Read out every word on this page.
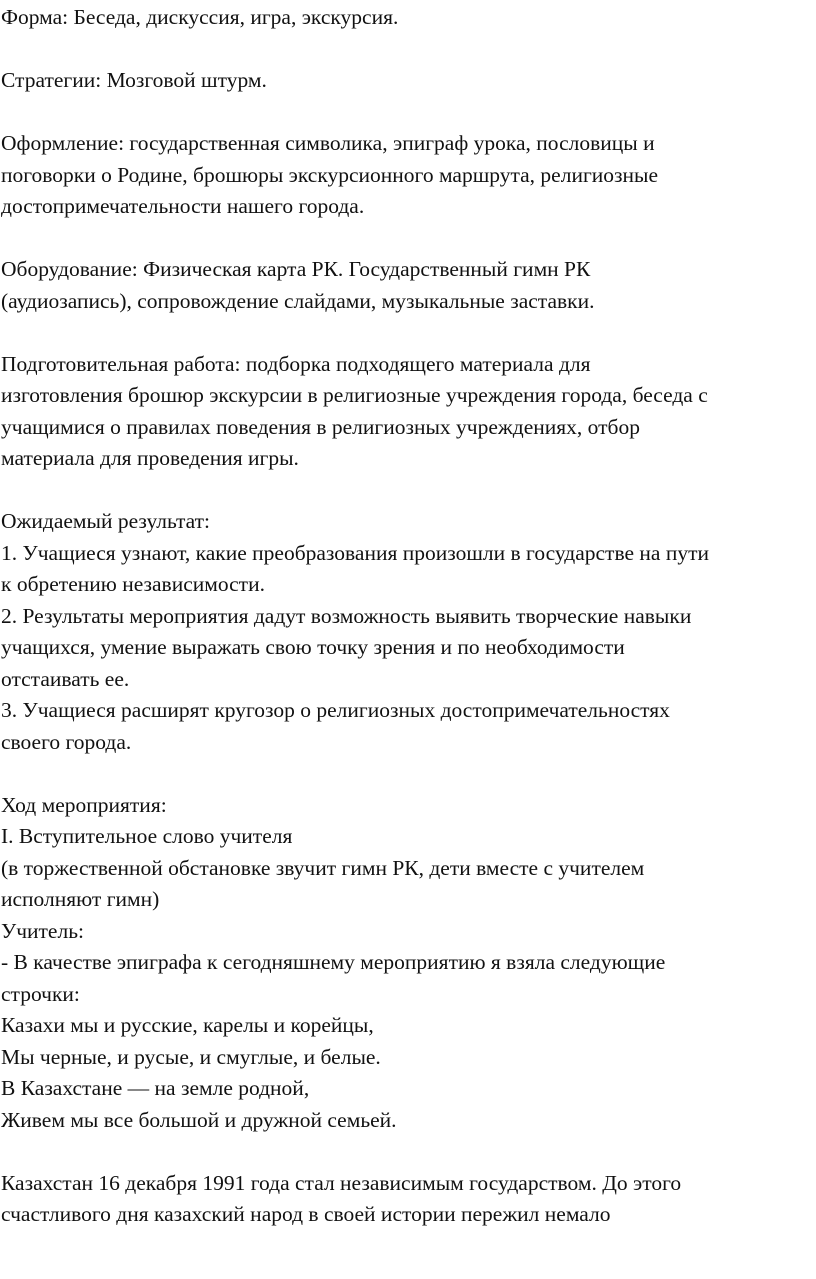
Форма: Беседа, дискуссия, игра, экскурсия.
Стратегии: Мозговой штурм.
Оформление: государственная символика, эпиграф урока, пословицы и
поговорки о Родине, брошюры экскурсионного маршрута, религиозные
достопримечательности нашего города.
Оборудование: Физическая карта РК. Государственный гимн РК
(аудиозапись), сопровождение слайдами, музыкальные заставки.
Подготовительная работа: подборка подходящего материала для
изготовления брошюр экскурсии в религиозные учреждения города, беседа с
учащимися о правилах поведения в религиозных учреждениях, отбор
материала для проведения игры.
Ожидаемый результат:
1. Учащиеся узнают, какие преобразования произошли в государстве на пути
к обретению независимости.
2. Результаты мероприятия дадут возможность выявить творческие навыки
учащихся, умение выражать свою точку зрения и по необходимости
отстаивать ее.
3. Учащиеся расширят кругозор о религиозных достопримечательностях
своего города.
Ход мероприятия:
I. Вступительное слово учителя
(в торжественной обстановке звучит гимн РК, дети вместе с учителем
исполняют гимн)
Учитель:
- В качестве эпиграфа к сегодняшнему мероприятию я взяла следующие
строчки:
Казахи мы и русские, карелы и корейцы,
Мы черные, и русые, и смуглые, и белые.
В Казахстане — на земле родной,
Живем мы все большой и дружной семьей.
Казахстан 16 декабря 1991 года стал независимым государством. До этого
счастливого дня казахский народ в своей истории пережил немало
